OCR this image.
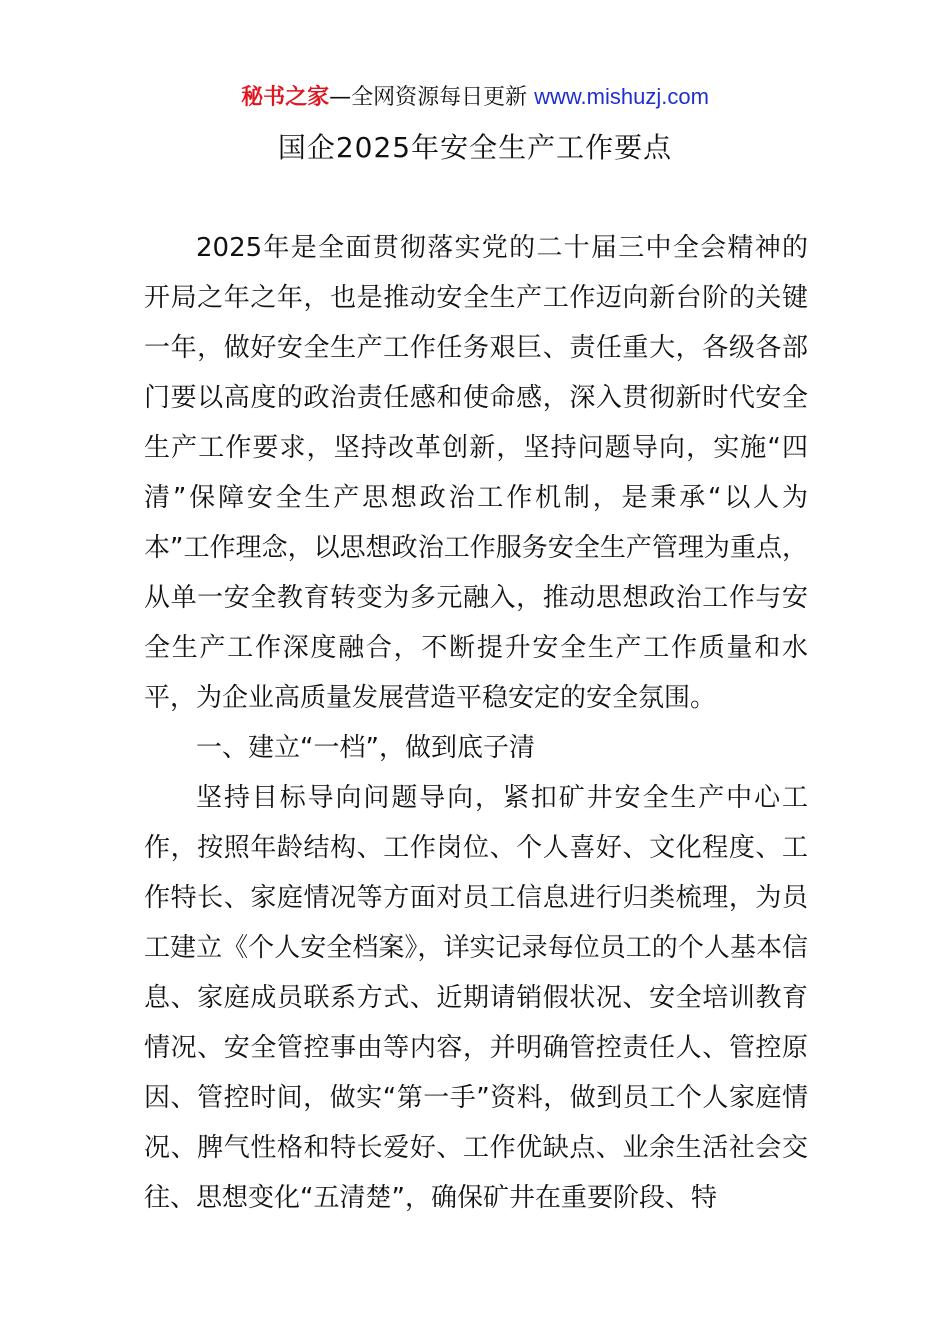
秘书之家—全网资源每日更新 www.mishuzj.com
国企2025年安全生产工作要点

2025年是全面贯彻落实党的二十届三中全会精神的开局之年之年，也是推动安全生产工作迈向新台阶的关键一年，做好安全生产工作任务艰巨、责任重大，各级各部门要以高度的政治责任感和使命感，深入贯彻新时代安全生产工作要求，坚持改革创新，坚持问题导向，实施“四清”保障安全生产思想政治工作机制，是秉承“以人为本”工作理念，以思想政治工作服务安全生产管理为重点，从单一安全教育转变为多元融入，推动思想政治工作与安全生产工作深度融合，不断提升安全生产工作质量和水平，为企业高质量发展营造平稳安定的安全氛围。

一、建立“一档”，做到底子清

坚持目标导向问题导向，紧扣矿井安全生产中心工作，按照年龄结构、工作岗位、个人喜好、文化程度、工作特长、家庭情况等方面对员工信息进行归类梳理，为员工建立《个人安全档案》，详实记录每位员工的个人基本信息、家庭成员联系方式、近期请销假状况、安全培训教育情况、安全管控事由等内容，并明确管控责任人、管控原因、管控时间，做实“第一手”资料，做到员工个人家庭情况、脾气性格和特长爱好、工作优缺点、业余生活社会交往、思想变化“五清楚”，确保矿井在重要阶段、特
